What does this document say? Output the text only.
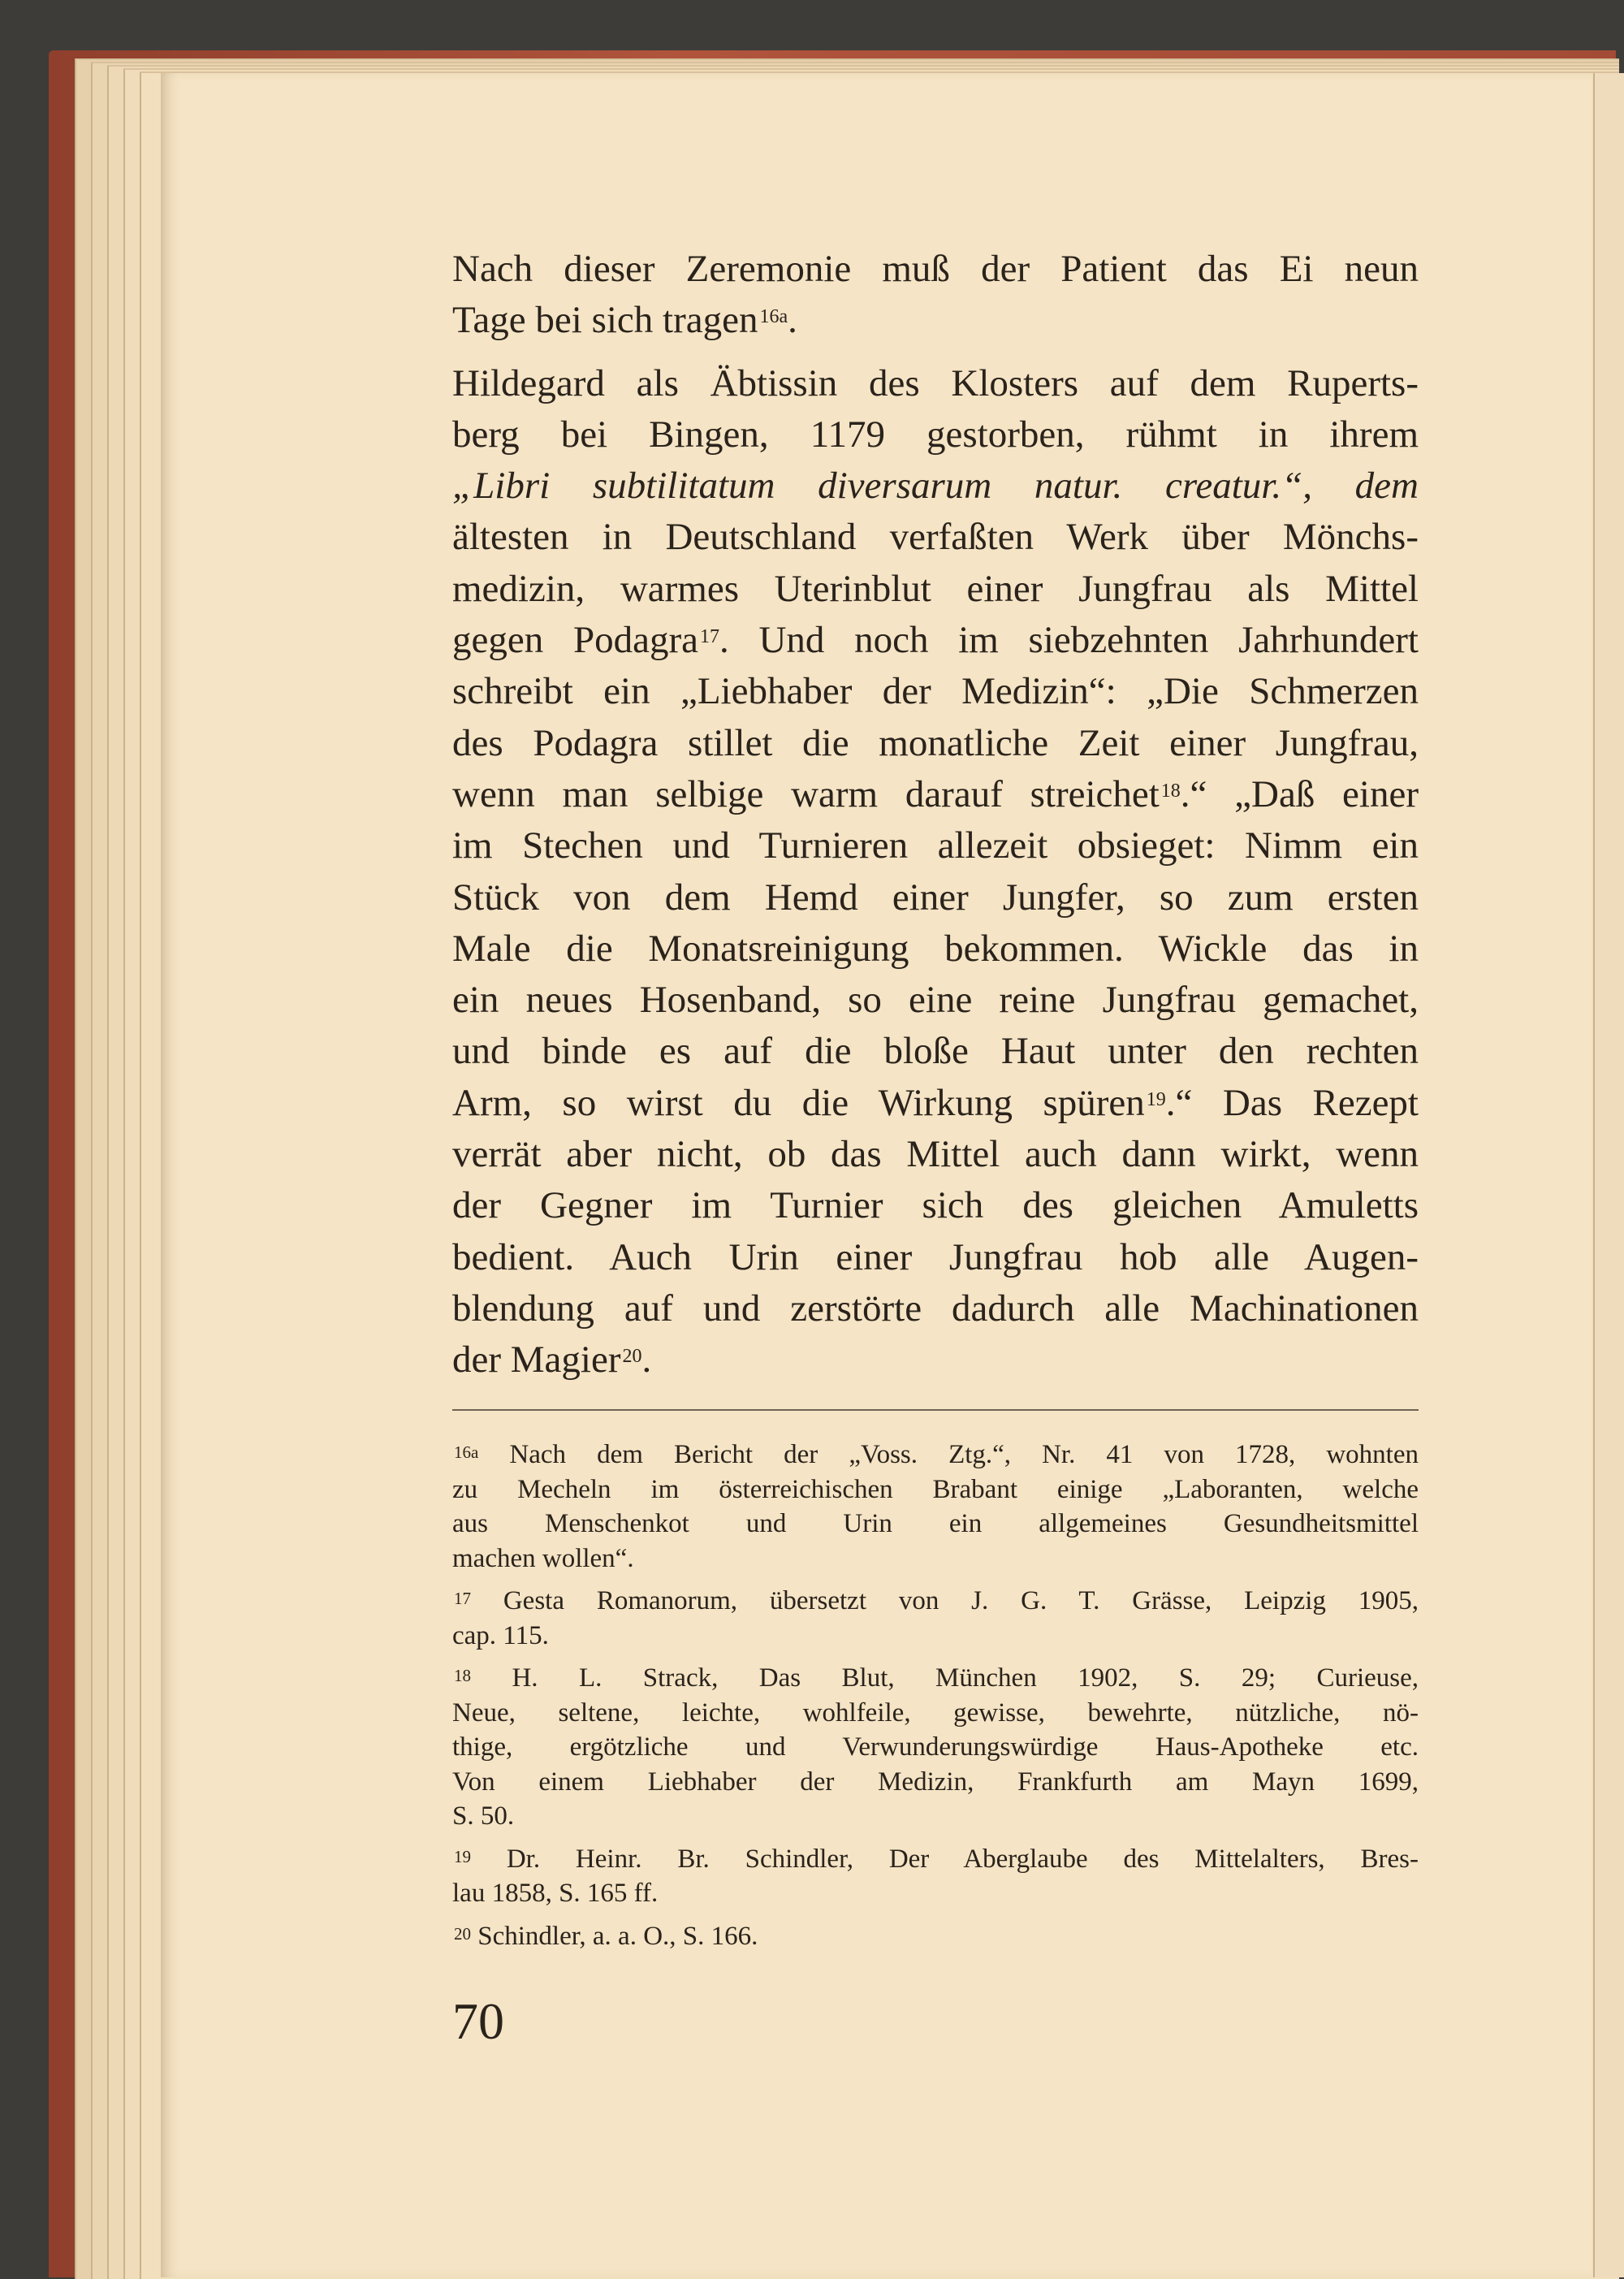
Nach dieser Zeremonie muß der Patient das Ei neun
Tage bei sich tragen$^{16a}$.
Hildegard als Äbtissin des Klosters auf dem Ruperts-
berg bei Bingen, 1179 gestorben, rühmt in ihrem
„Libri subtilitatum diversarum natur. creatur.“, dem
ältesten in Deutschland verfaßten Werk über Mönchs-
medizin, warmes Uterinblut einer Jungfrau als Mittel
gegen Podagra$^{17}$. Und noch im siebzehnten Jahrhundert
schreibt ein „Liebhaber der Medizin“: „Die Schmerzen
des Podagra stillet die monatliche Zeit einer Jungfrau,
wenn man selbige warm darauf streichet$^{18}$.“ „Daß einer
im Stechen und Turnieren allezeit obsieget: Nimm ein
Stück von dem Hemd einer Jungfer, so zum ersten
Male die Monatsreinigung bekommen. Wickle das in
ein neues Hosenband, so eine reine Jungfrau gemachet,
und binde es auf die bloße Haut unter den rechten
Arm, so wirst du die Wirkung spüren$^{19}$.“ Das Rezept
verrät aber nicht, ob das Mittel auch dann wirkt, wenn
der Gegner im Turnier sich des gleichen Amuletts
bedient. Auch Urin einer Jungfrau hob alle Augen-
blendung auf und zerstörte dadurch alle Machinationen
der Magier$^{20}$.
$^{16a}$ Nach dem Bericht der „Voss. Ztg.“, Nr. 41 von 1728, wohnten
zu Mecheln im österreichischen Brabant einige „Laboranten, welche
aus Menschenkot und Urin ein allgemeines Gesundheitsmittel
machen wollen“.
$^{17}$ Gesta Romanorum, übersetzt von J. G. T. Grässe, Leipzig 1905,
cap. 115.
$^{18}$ H. L. Strack, Das Blut, München 1902, S. 29; Curieuse,
Neue, seltene, leichte, wohlfeile, gewisse, bewehrte, nützliche, nö-
thige, ergötzliche und Verwunderungswürdige Haus-Apotheke etc.
Von einem Liebhaber der Medizin, Frankfurth am Mayn 1699,
S. 50.
$^{19}$ Dr. Heinr. Br. Schindler, Der Aberglaube des Mittelalters, Bres-
lau 1858, S. 165 ff.
$^{20}$ Schindler, a. a. O., S. 166.
70
